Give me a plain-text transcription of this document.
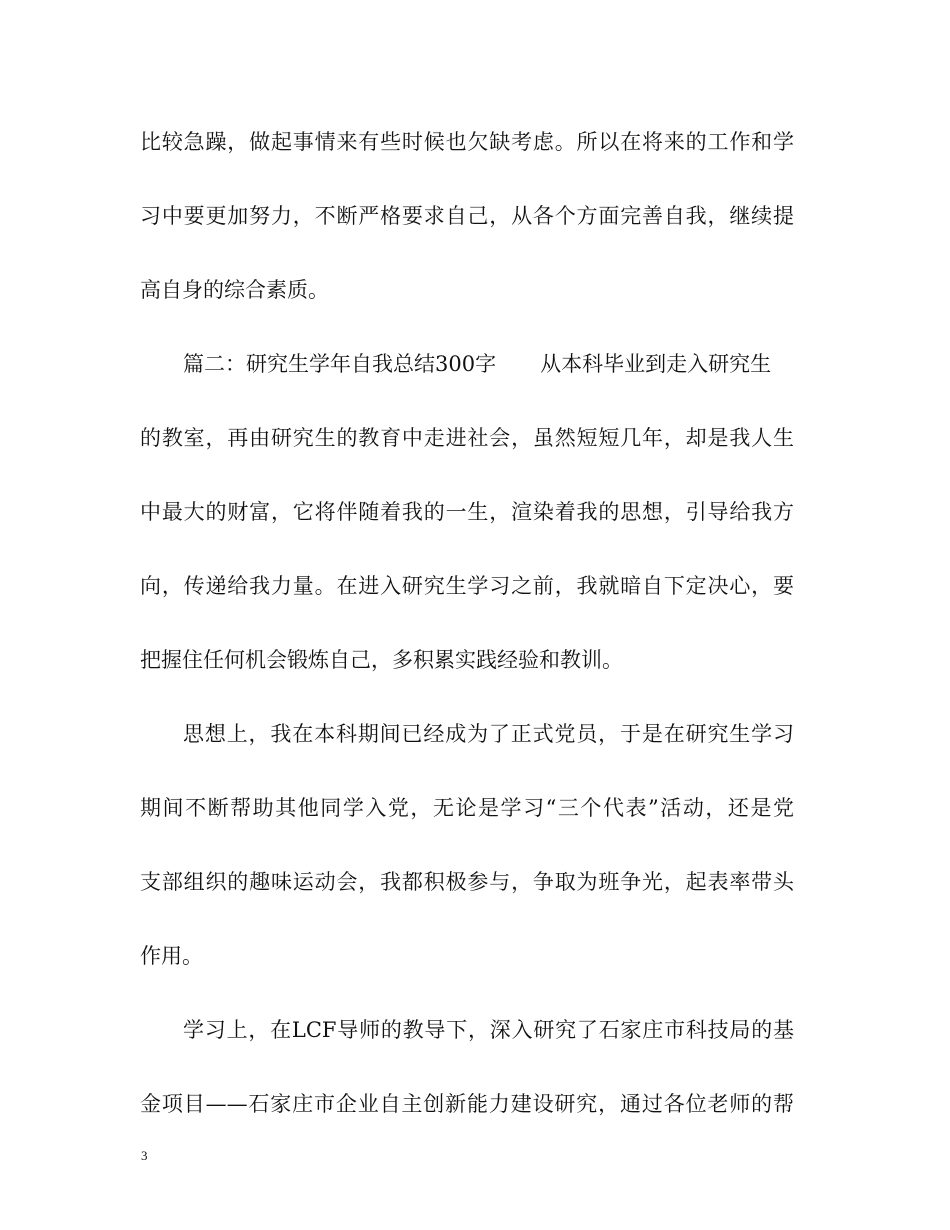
比较急躁，做起事情来有些时候也欠缺考虑。所以在将来的工作和学
习中要更加努力，不断严格要求自己，从各个方面完善自我，继续提
高自身的综合素质。
篇二：研究生学年自我总结300字 从本科毕业到走入研究生
的教室，再由研究生的教育中走进社会，虽然短短几年，却是我人生
中最大的财富，它将伴随着我的一生，渲染着我的思想，引导给我方
向，传递给我力量。在进入研究生学习之前，我就暗自下定决心，要
把握住任何机会锻炼自己，多积累实践经验和教训。
思想上，我在本科期间已经成为了正式党员，于是在研究生学习
期间不断帮助其他同学入党，无论是学习“三个代表”活动，还是党
支部组织的趣味运动会，我都积极参与，争取为班争光，起表率带头
作用。
学习上，在LCF导师的教导下，深入研究了石家庄市科技局的基
金项目——石家庄市企业自主创新能力建设研究，通过各位老师的帮
3
